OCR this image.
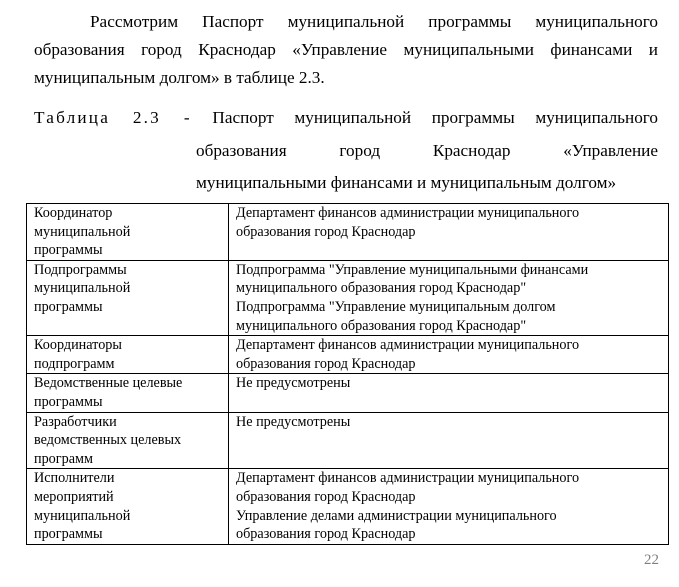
Рассмотрим Паспорт муниципальной программы муниципального
образования город Краснодар «Управление муниципальными финансами и
муниципальным долгом» в таблице 2.3.
Таблица 2.3 - Паспорт муниципальной программы муниципального
образования город Краснодар «Управление
муниципальными финансами и муниципальным долгом»
Координатор
муниципальной
программы	Департамент финансов администрации муниципального
образования город Краснодар

Подпрограммы
муниципальной
программы	Подпрограмма "Управление муниципальными финансами
муниципального образования город Краснодар"
Подпрограмма "Управление муниципальным долгом
муниципального образования город Краснодар"

Координаторы
подпрограмм	Департамент финансов администрации муниципального
образования город Краснодар

Ведомственные целевые
программы	Не предусмотрены

Разработчики
ведомственных целевых
программ	Не предусмотрены

Исполнители
мероприятий
муниципальной
программы	Департамент финансов администрации муниципального
образования город Краснодар
Управление делами администрации муниципального
образования город Краснодар
22
